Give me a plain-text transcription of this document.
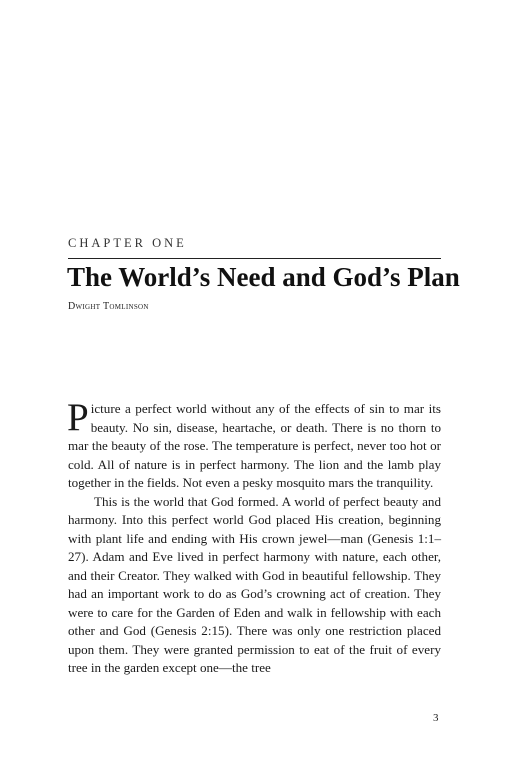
CHAPTER ONE
The World’s Need and God’s Plan
Dwight Tomlinson

Picture a perfect world without any of the effects of sin to mar its beauty. No sin, disease, heartache, or death. There is no thorn to mar the beauty of the rose. The temperature is perfect, never too hot or cold. All of nature is in perfect harmony. The lion and the lamb play together in the fields. Not even a pesky mosquito mars the tranquility.

This is the world that God formed. A world of perfect beauty and harmony. Into this perfect world God placed His creation, beginning with plant life and ending with His crown jewel—man (Genesis 1:1–27). Adam and Eve lived in perfect harmony with nature, each other, and their Creator. They walked with God in beautiful fellowship. They had an important work to do as God’s crowning act of creation. They were to care for the Garden of Eden and walk in fellowship with each other and God (Genesis 2:15). There was only one restriction placed upon them. They were granted permission to eat of the fruit of every tree in the garden except one—the tree

3
